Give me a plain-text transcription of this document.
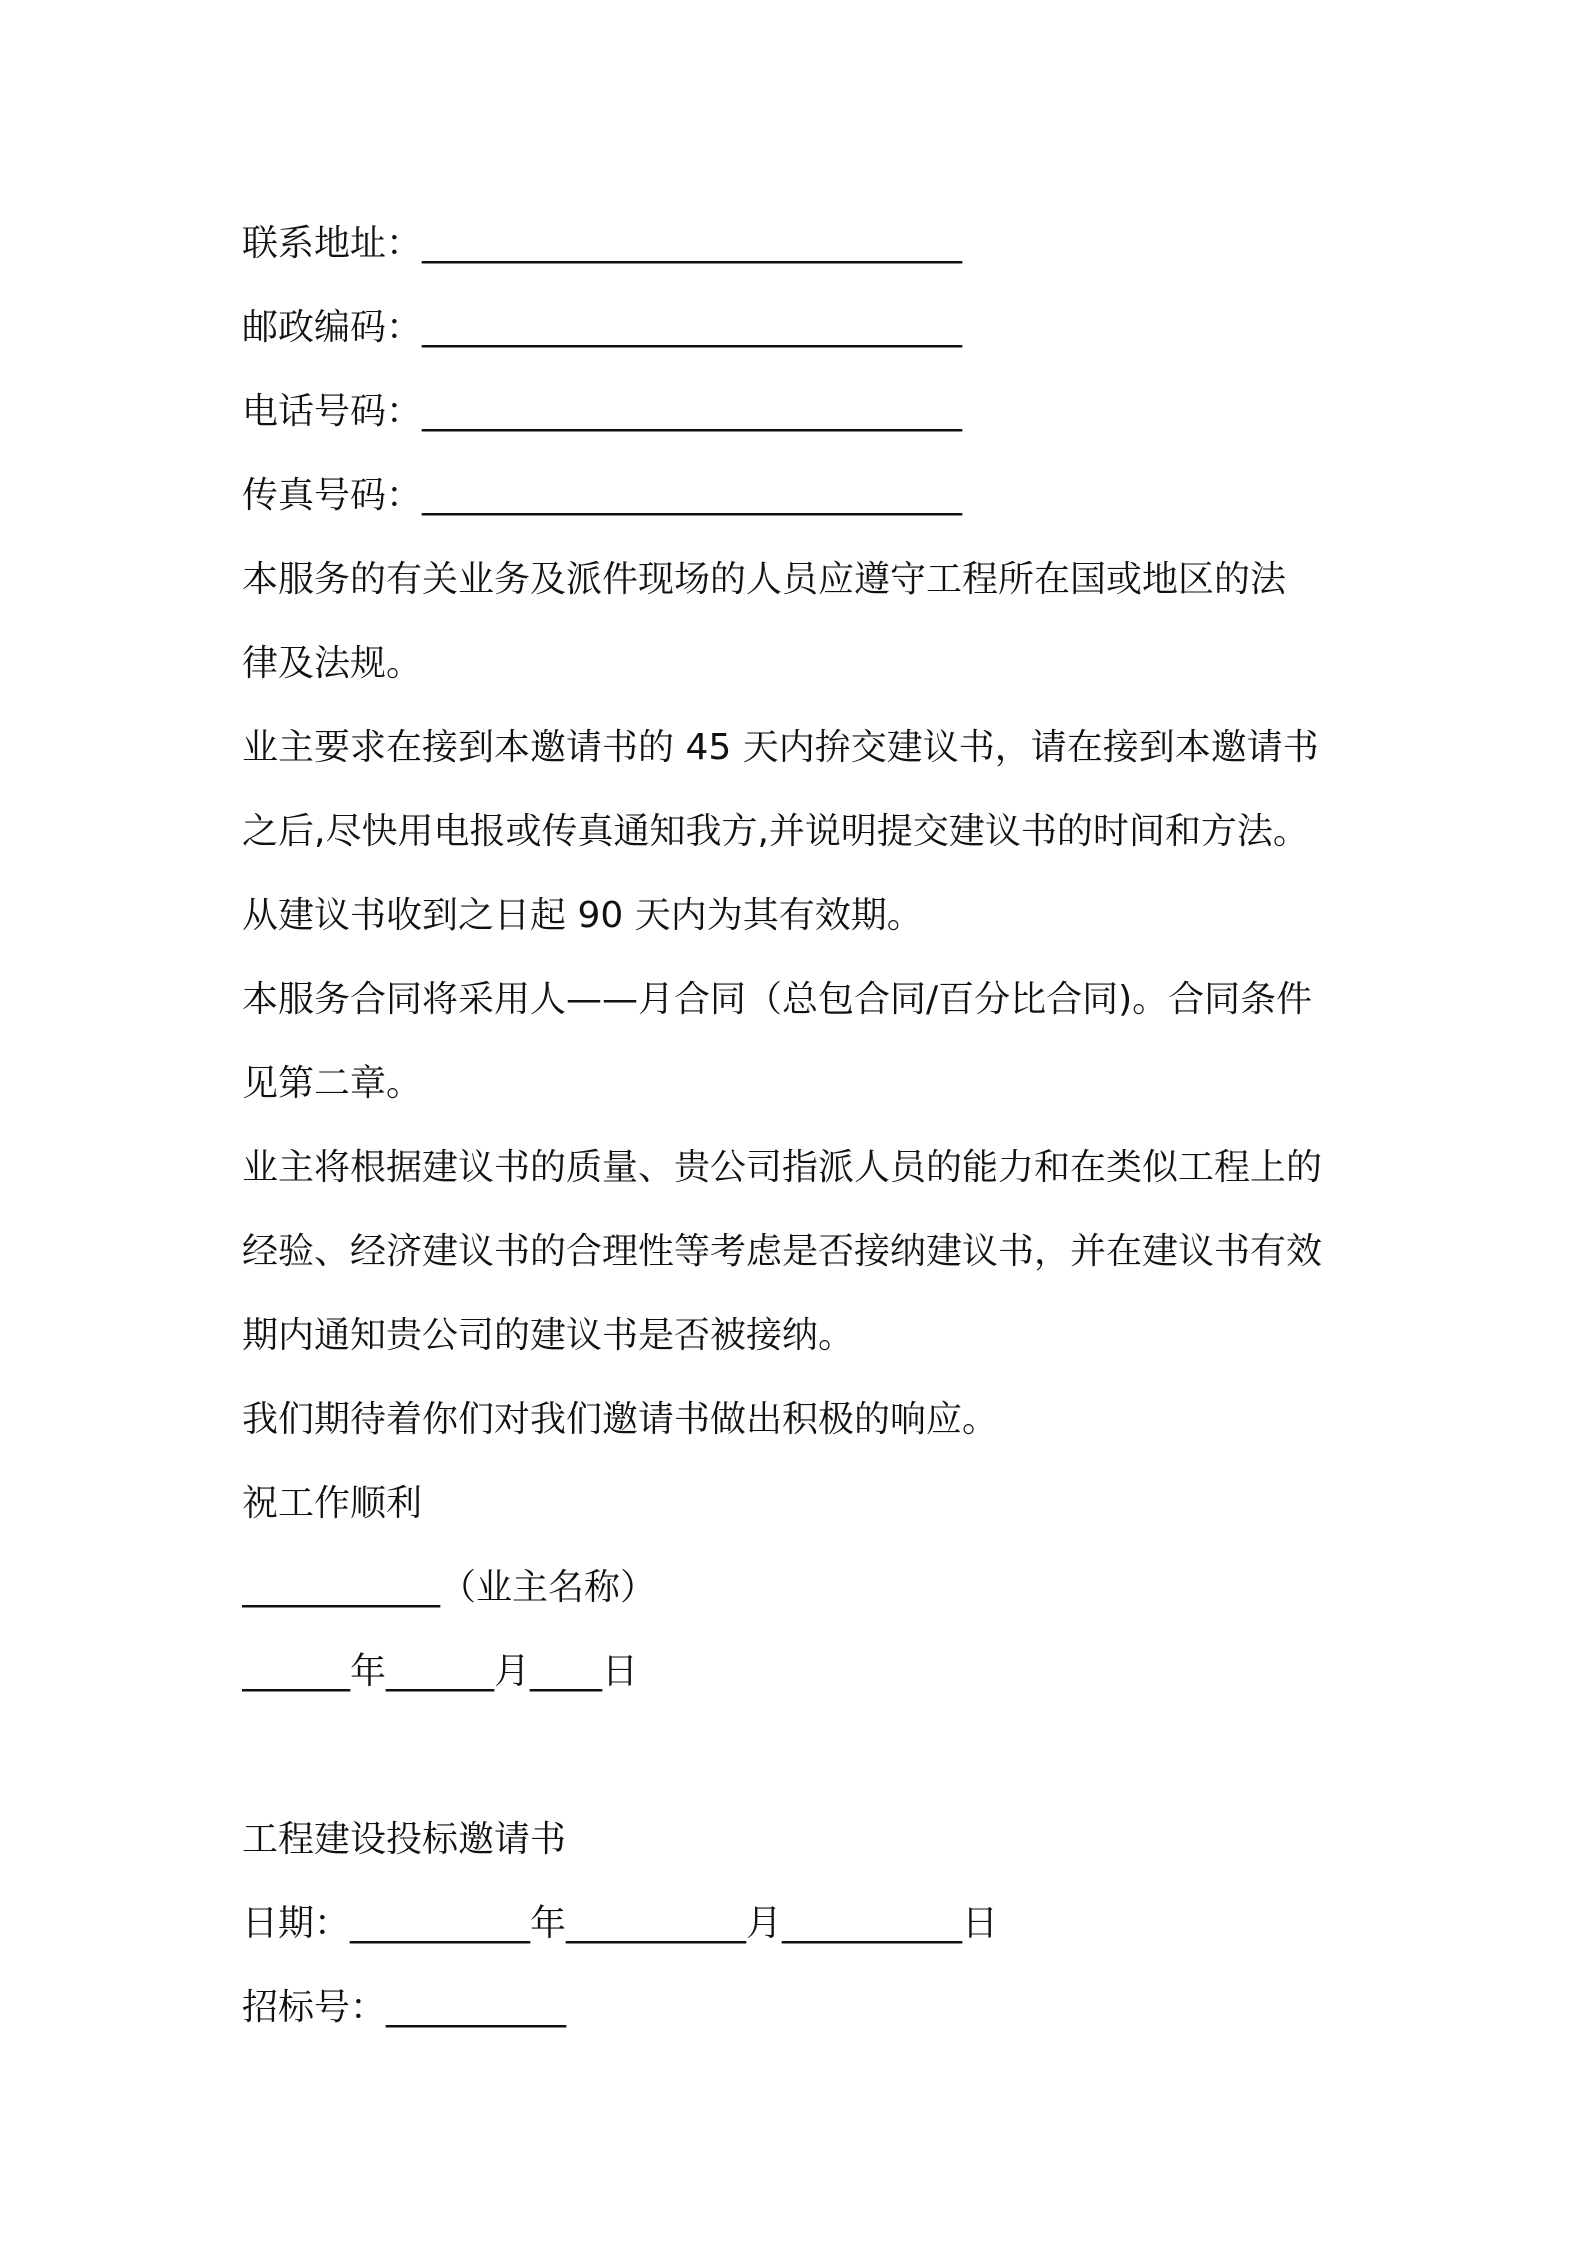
联系地址：______________________________
邮政编码：______________________________
电话号码：______________________________
传真号码：______________________________
本服务的有关业务及派件现场的人员应遵守工程所在国或地区的法
律及法规。
业主要求在接到本邀请书的 45 天内拚交建议书，请在接到本邀请书
之后,尽快用电报或传真通知我方,并说明提交建议书的时间和方法。
从建议书收到之日起 90 天内为其有效期。
本服务合同将采用人——月合同（总包合同/百分比合同)。合同条件
见第二章。
业主将根据建议书的质量、贵公司指派人员的能力和在类似工程上的
经验、经济建议书的合理性等考虑是否接纳建议书，并在建议书有效
期内通知贵公司的建议书是否被接纳。
我们期待着你们对我们邀请书做出积极的响应。
祝工作顺利
___________（业主名称）
______年______月____日
工程建设投标邀请书
日期：__________年__________月__________日
招标号：__________
